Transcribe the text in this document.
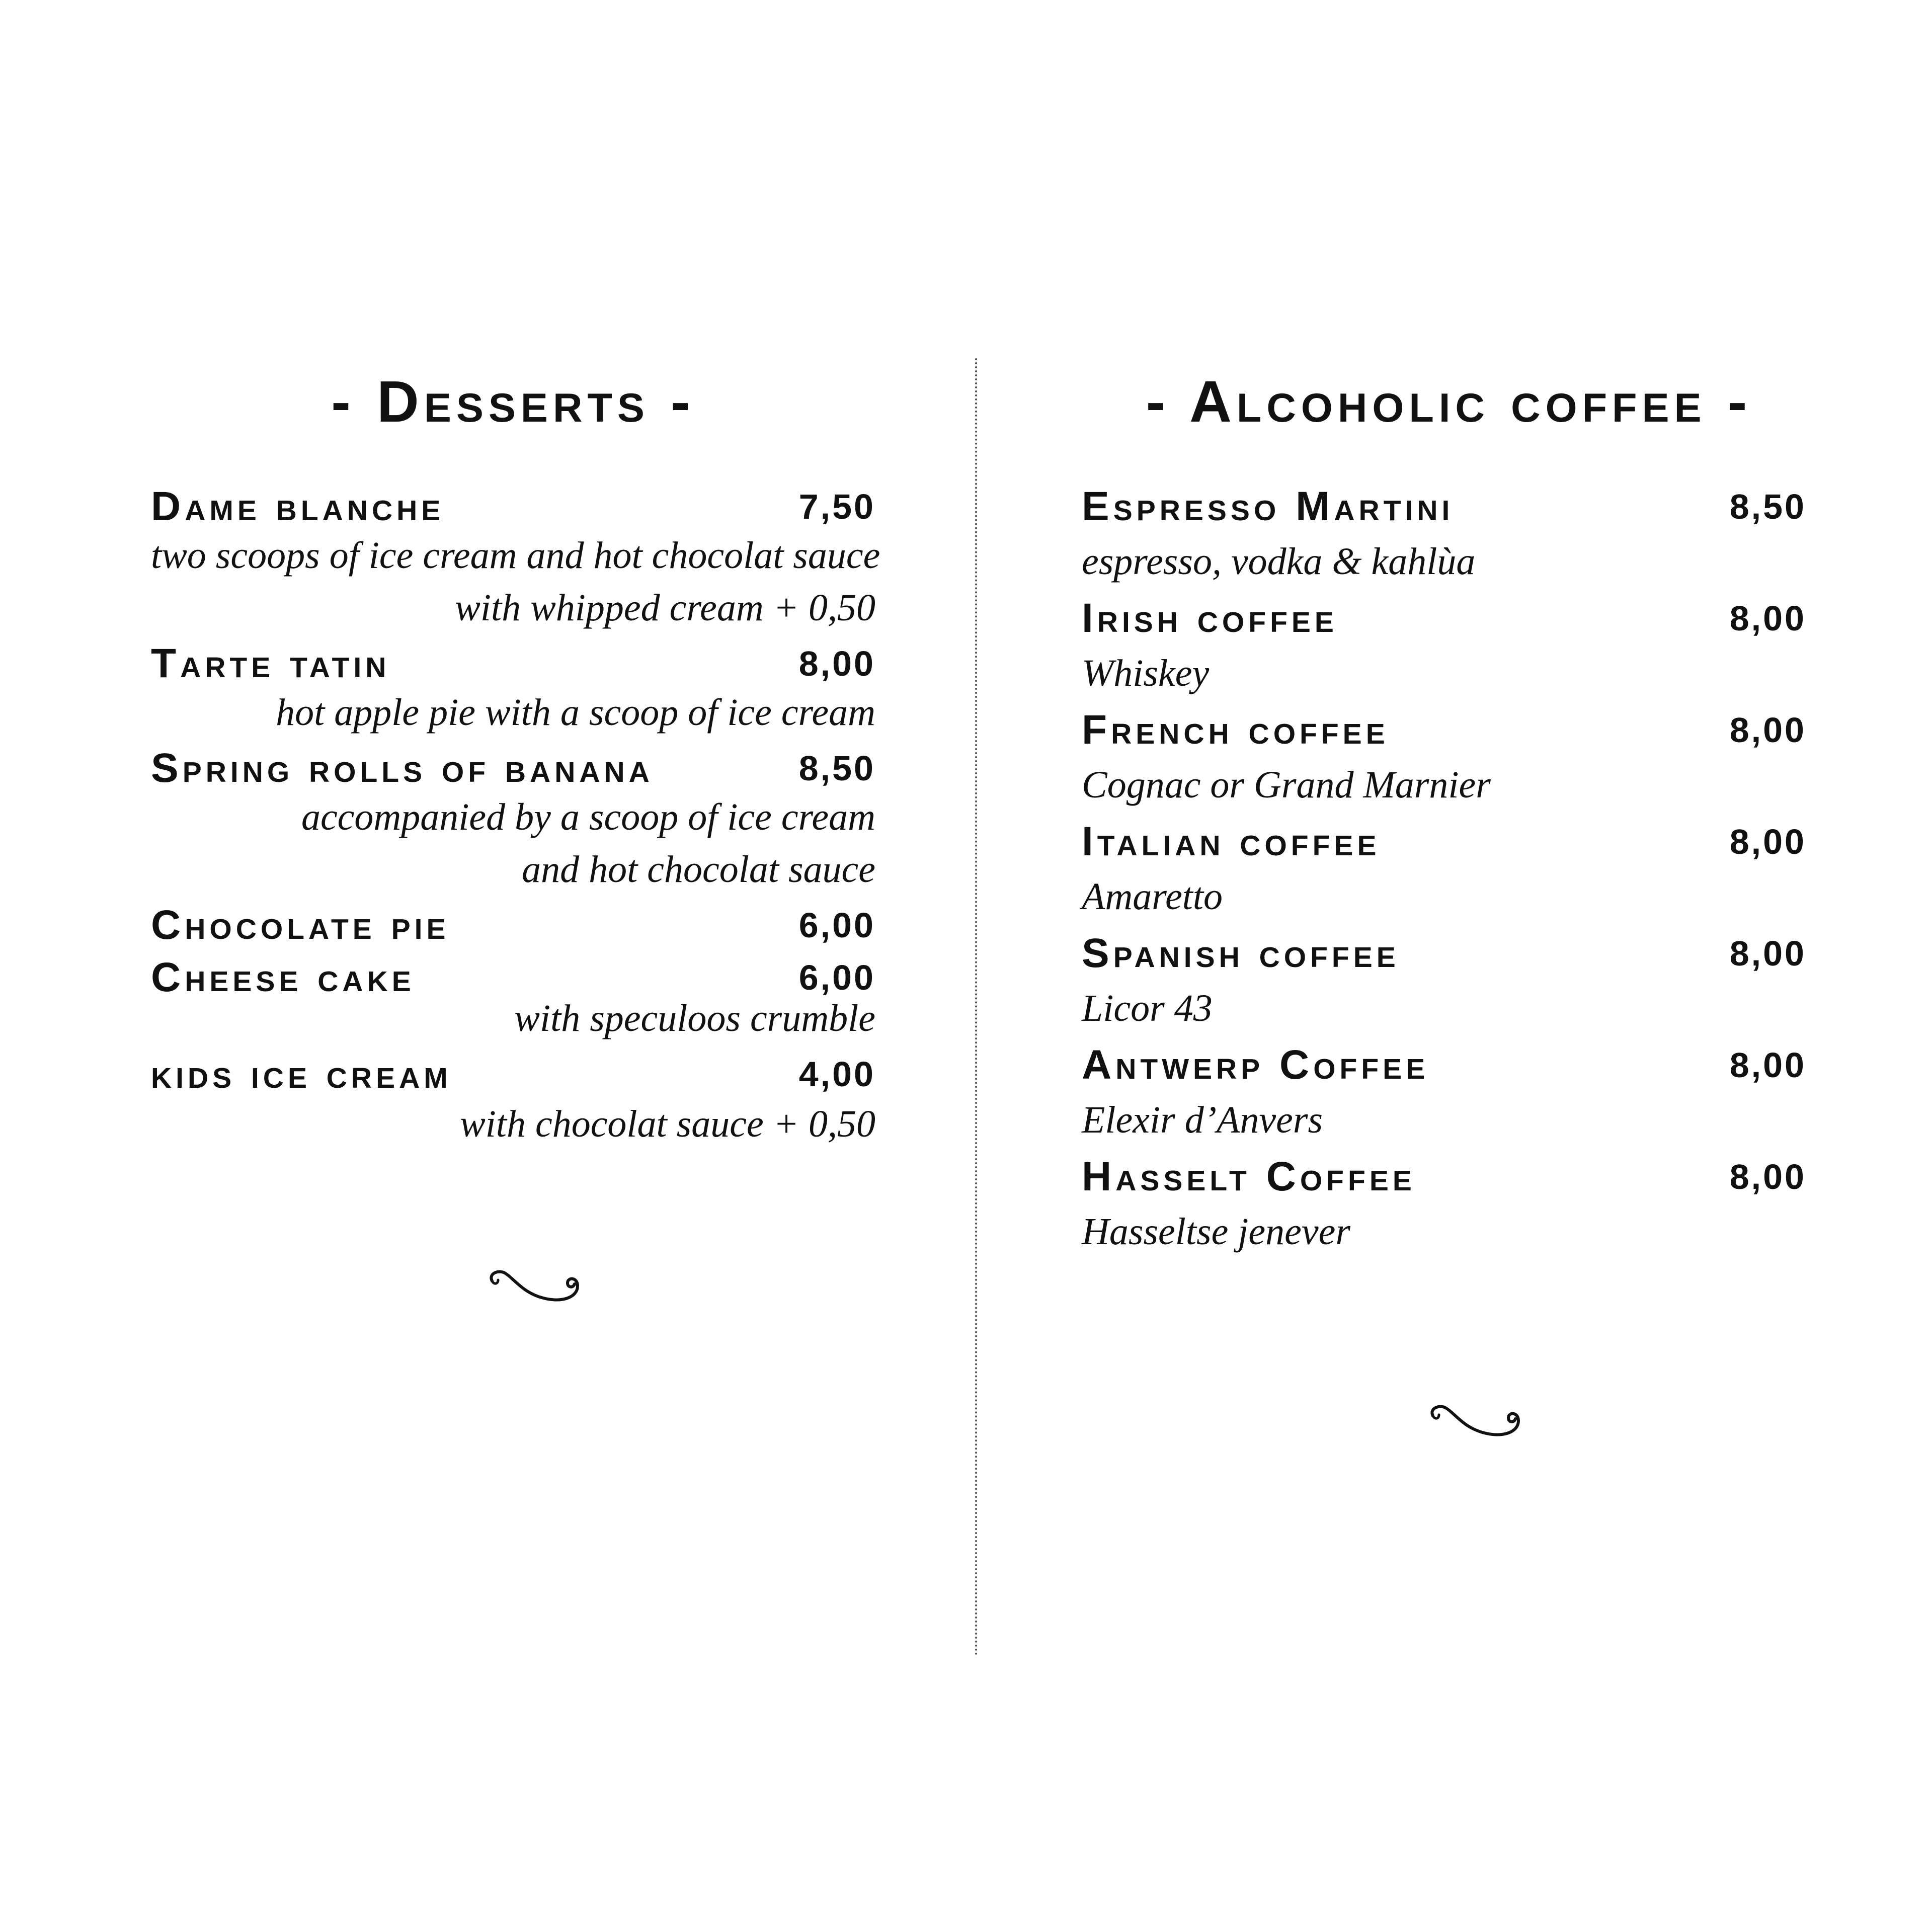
- Desserts -
Dame blanche	7,50
two scoops of ice cream and hot chocolat sauce
with whipped cream + 0,50
Tarte tatin	8,00
hot apple pie with a scoop of ice cream
Spring rolls of banana	8,50
accompanied by a scoop of ice cream
and hot chocolat sauce
Chocolate pie	6,00
Cheese cake	6,00
with speculoos crumble
kids ice cream	4,00
with chocolat sauce + 0,50
- Alcoholic coffee -
Espresso Martini	8,50
espresso, vodka & kahlùa
Irish coffee	8,00
Whiskey
French coffee	8,00
Cognac or Grand Marnier
Italian coffee	8,00
Amaretto
Spanish coffee	8,00
Licor 43
Antwerp Coffee	8,00
Elexir d’Anvers
Hasselt Coffee	8,00
Hasseltse jenever
